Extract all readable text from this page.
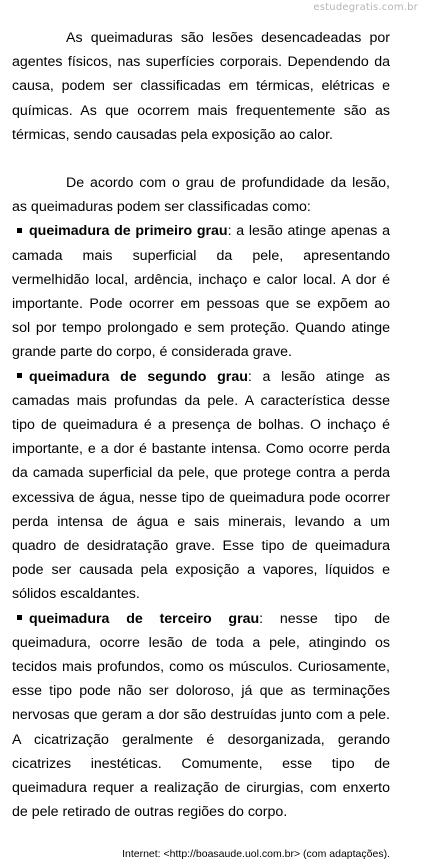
estudegratis.com.br

As queimaduras são lesões desencadeadas por agentes físicos, nas superfícies corporais. Dependendo da causa, podem ser classificadas em térmicas, elétricas e químicas. As que ocorrem mais frequentemente são as térmicas, sendo causadas pela exposição ao calor.

De acordo com o grau de profundidade da lesão, as queimaduras podem ser classificadas como:

queimadura de primeiro grau: a lesão atinge apenas a camada mais superficial da pele, apresentando vermelhidão local, ardência, inchaço e calor local. A dor é importante. Pode ocorrer em pessoas que se expõem ao sol por tempo prolongado e sem proteção. Quando atinge grande parte do corpo, é considerada grave.

queimadura de segundo grau: a lesão atinge as camadas mais profundas da pele. A característica desse tipo de queimadura é a presença de bolhas. O inchaço é importante, e a dor é bastante intensa. Como ocorre perda da camada superficial da pele, que protege contra a perda excessiva de água, nesse tipo de queimadura pode ocorrer perda intensa de água e sais minerais, levando a um quadro de desidratação grave. Esse tipo de queimadura pode ser causada pela exposição a vapores, líquidos e sólidos escaldantes.

queimadura de terceiro grau: nesse tipo de queimadura, ocorre lesão de toda a pele, atingindo os tecidos mais profundos, como os músculos. Curiosamente, esse tipo pode não ser doloroso, já que as terminações nervosas que geram a dor são destruídas junto com a pele. A cicatrização geralmente é desorganizada, gerando cicatrizes inestéticas. Comumente, esse tipo de queimadura requer a realização de cirurgias, com enxerto de pele retirado de outras regiões do corpo.

Internet: <http://boasaude.uol.com.br> (com adaptações).
